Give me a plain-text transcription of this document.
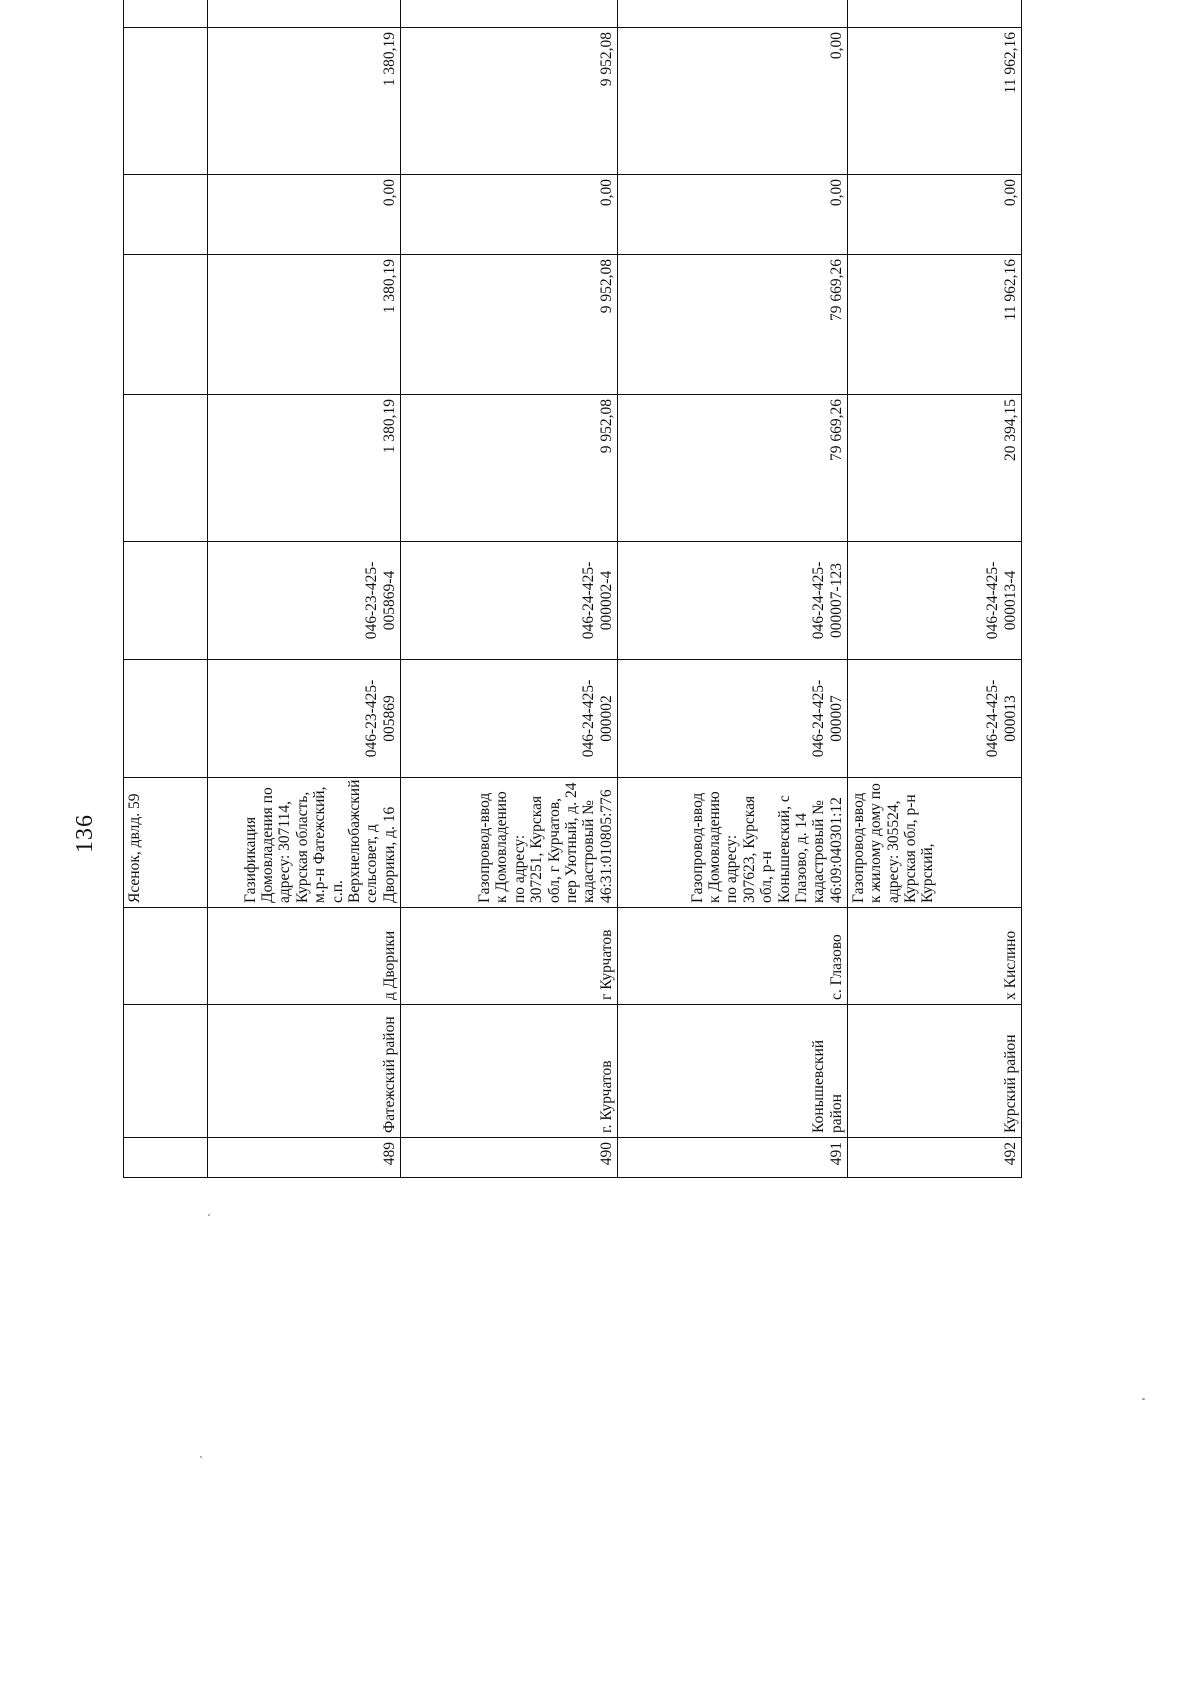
136
			Ясенок, двлд. 59								
489	Фатежский район	д Дворики	Газификация Домовладения по адресу: 307114, Курская область, м.р-н Фатежский, с.п. Верхнелюбажский сельсовет, д Дворики, д. 16	046-23-425-005869	046-23-425-005869-4	1 380,19	1 380,19	0,00	1 380,19		
490	г. Курчатов	г Курчатов	Газопровод-ввод к Домовладению по адресу: 307251, Курская обл, г Курчатов, пер Уютный, д. 24 кадастровый № 46:31:010805:776	046-24-425-000002	046-24-425-000002-4	9 952,08	9 952,08	0,00	9 952,08		
491	Конышевский район	с. Глазово	Газопровод-ввод к Домовладению по адресу: 307623, Курская обл, р-н Конышевский, с Глазово, д. 14 кадастровый № 46:09:040301:12	046-24-425-000007	046-24-425-000007-123	79 669,26	79 669,26	0,00	0,00		
492	Курский район	х Кислино	Газопровод-ввод к жилому дому по адресу: 305524, Курская обл, р-н Курский,	046-24-425-000013	046-24-425-000013-4	20 394,15	11 962,16	0,00	11 962,16		
